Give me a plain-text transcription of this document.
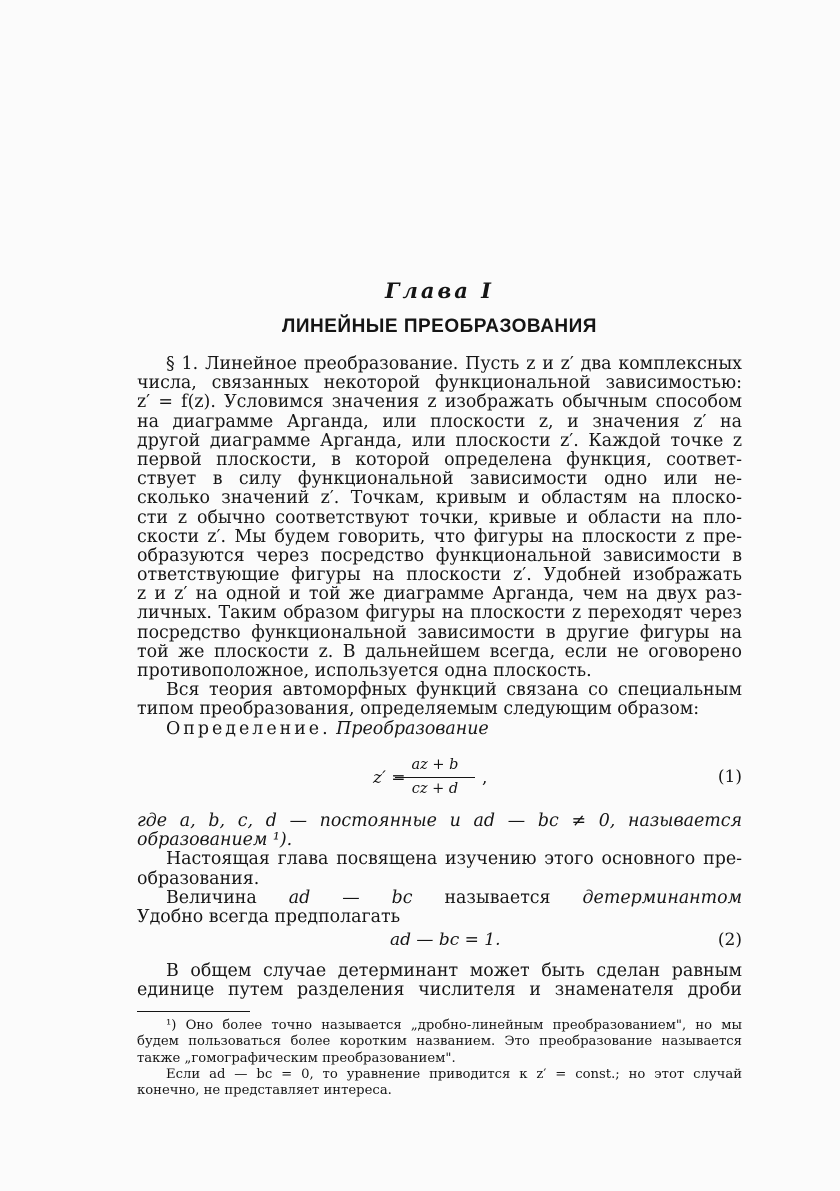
Глава I
ЛИНЕЙНЫЕ ПРЕОБРАЗОВАНИЯ
§ 1. Линейное преобразование. Пусть z и z′ два комплексных
числа, связанных некоторой функциональной зависимостью:
z′ = f(z). Условимся значения z изображать обычным способом
на диаграмме Арганда, или плоскости z, и значения z′ на
другой диаграмме Арганда, или плоскости z′. Каждой точке z
первой плоскости, в которой определена функция, соответ-
ствует в силу функциональной зависимости одно или не-
сколько значений z′. Точкам, кривым и областям на плоско-
сти z обычно соответствуют точки, кривые и области на пло-
скости z′. Мы будем говорить, что фигуры на плоскости z пре-
образуются через посредство функциональной зависимости в
ответствующие фигуры на плоскости z′. Удобней изображать
z и z′ на одной и той же диаграмме Арганда, чем на двух раз-
личных. Таким образом фигуры на плоскости z переходят через
посредство функциональной зависимости в другие фигуры на
той же плоскости z. В дальнейшем всегда, если не оговорено
противоположное, используется одна плоскость.
Вся теория автоморфных функций связана со специальным
типом преобразования, определяемым следующим образом:
Определение. Преобразование
z′ =
$\frac{az + b}{cz + d}$ ,	(1)
где a, b, c, d — постоянные и ad — bc ≠ 0, называется
образованием ¹).
Настоящая глава посвящена изучению этого основного пре-
образования.
Величина ad — bc называется детерминантом
Удобно всегда предполагать
ad — bc = 1.	(2)
В общем случае детерминант может быть сделан равным
единице путем разделения числителя и знаменателя дроби
¹) Оно более точно называется „дробно-линейным преобразованием", но мы
будем пользоваться более коротким названием. Это преобразование называется
также „гомографическим преобразованием".
Если ad — bc = 0, то уравнение приводится к z′ = const.; но этот случай
конечно, не представляет интереса.
